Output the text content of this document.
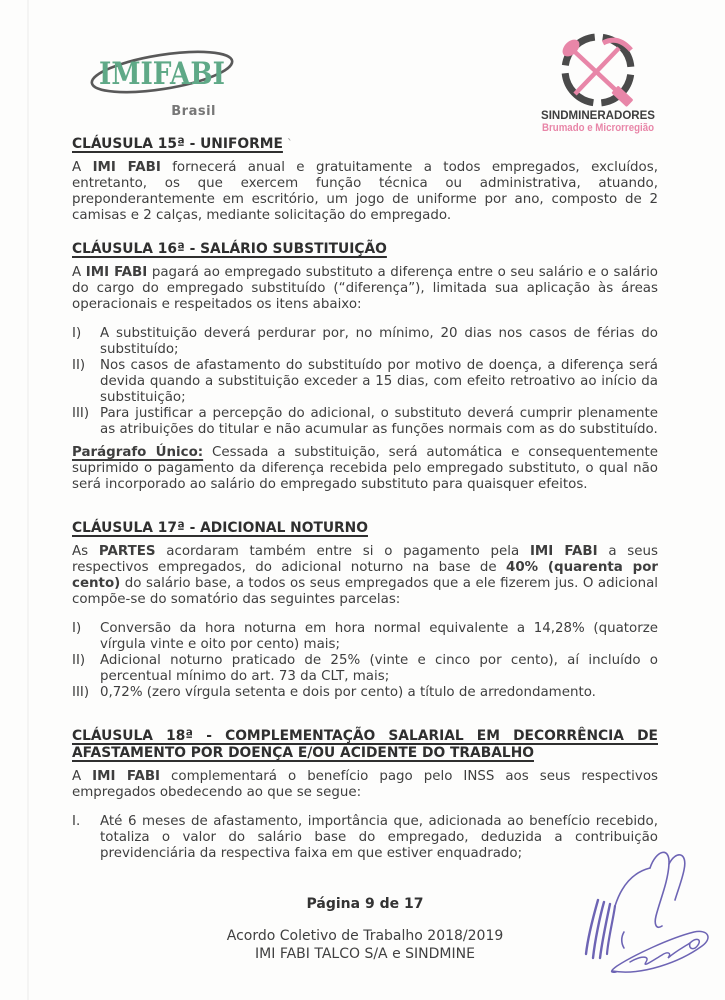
IMIFABI
Brasil	SINDMINERADORES
Brumado e Microrregião
CLÁUSULA 15ª - UNIFORME `

A IMI FABI fornecerá anual e gratuitamente a todos empregados, excluídos, entretanto, os que exercem função técnica ou administrativa, atuando, preponderantemente em escritório, um jogo de uniforme por ano, composto de 2 camisas e 2 calças, mediante solicitação do empregado.

CLÁUSULA 16ª - SALÁRIO SUBSTITUIÇÃO

A IMI FABI pagará ao empregado substituto a diferença entre o seu salário e o salário do cargo do empregado substituído (“diferença”), limitada sua aplicação às áreas operacionais e respeitados os itens abaixo:

I)	A substituição deverá perdurar por, no mínimo, 20 dias nos casos de férias do substituído;
II)	Nos casos de afastamento do substituído por motivo de doença, a diferença será devida quando a substituição exceder a 15 dias, com efeito retroativo ao início da substituição;
III) Para justificar a percepção do adicional, o substituto deverá cumprir plenamente as atribuições do titular e não acumular as funções normais com as do substituído.

Parágrafo Único: Cessada a substituição, será automática e consequentemente suprimido o pagamento da diferença recebida pelo empregado substituto, o qual não será incorporado ao salário do empregado substituto para quaisquer efeitos.

CLÁUSULA 17ª - ADICIONAL NOTURNO

As PARTES acordaram também entre si o pagamento pela IMI FABI a seus respectivos empregados, do adicional noturno na base de 40% (quarenta por cento) do salário base, a todos os seus empregados que a ele fizerem jus. O adicional compõe-se do somatório das seguintes parcelas:

I)	Conversão da hora noturna em hora normal equivalente a 14,28% (quatorze vírgula vinte e oito por cento) mais;
II)	Adicional noturno praticado de 25% (vinte e cinco por cento), aí incluído o percentual mínimo do art. 73 da CLT, mais;
III) 0,72% (zero vírgula setenta e dois por cento) a título de arredondamento.
CLÁUSULA 18ª - COMPLEMENTAÇÃO SALARIAL EM DECORRÊNCIA DE AFASTAMENTO POR DOENÇA E/OU ACIDENTE DO TRABALHO

A IMI FABI complementará o benefício pago pelo INSS aos seus respectivos empregados obedecendo ao que se segue:

I.	Até 6 meses de afastamento, importância que, adicionada ao benefício recebido, totaliza o valor do salário base do empregado, deduzida a contribuição previdenciária da respectiva faixa em que estiver enquadrado;
Página 9 de 17
Acordo Coletivo de Trabalho 2018/2019
IMI FABI TALCO S/A e SINDMINE
